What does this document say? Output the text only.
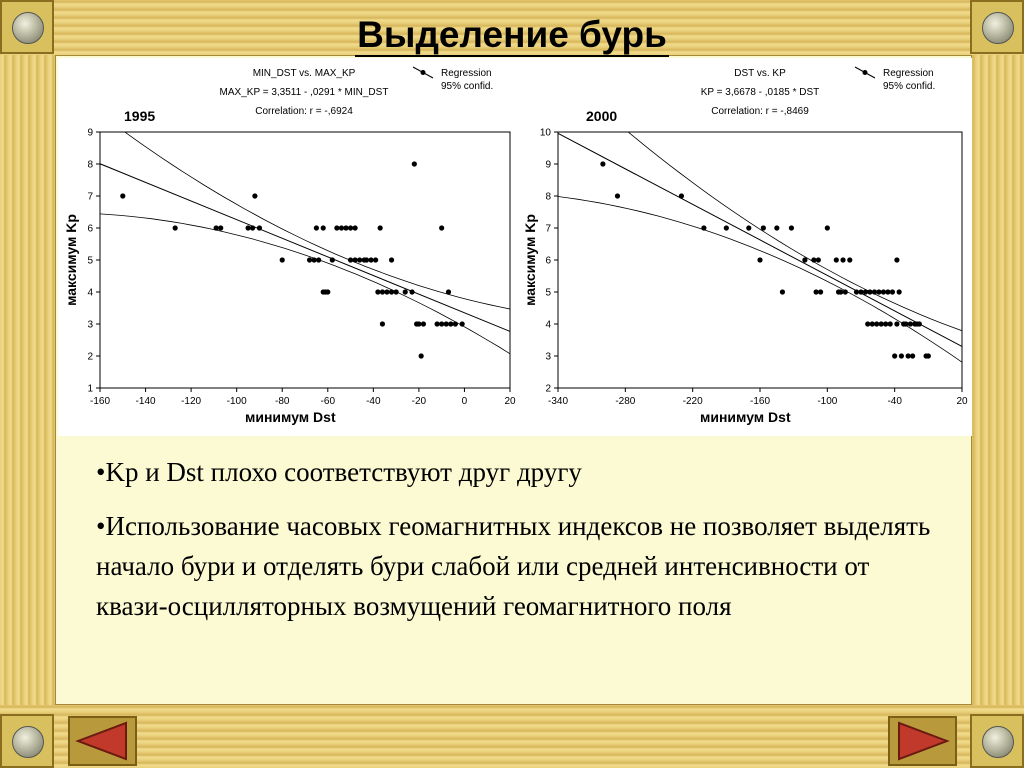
Выделение бурь
MIN_DST vs. MAX_KP
MAX_KP = 3,3511 - ,0291 * MIN_DST
Correlation: r = -,6924
Regression
95% confid.
1995
1
2
3
4
5
6
7
8
9
-160	-140	-120	-100	-80	-60	-40	-20	0	20
минимум Dst
максимум Kp
DST vs. KP
KP = 3,6678 - ,0185 * DST
Correlation: r = -,8469
Regression
95% confid.
2000
2
3
4
5
6
7
8
9
10
-340	-280	-220	-160	-100	-40	20
минимум Dst
максимум Kp

•Kp и Dst плохо соответствуют друг другу

•Использование часовых геомагнитных индексов не позволяет выделять начало бури и отделять бури слабой или средней интенсивности от квази-осцилляторных возмущений геомагнитного поля
